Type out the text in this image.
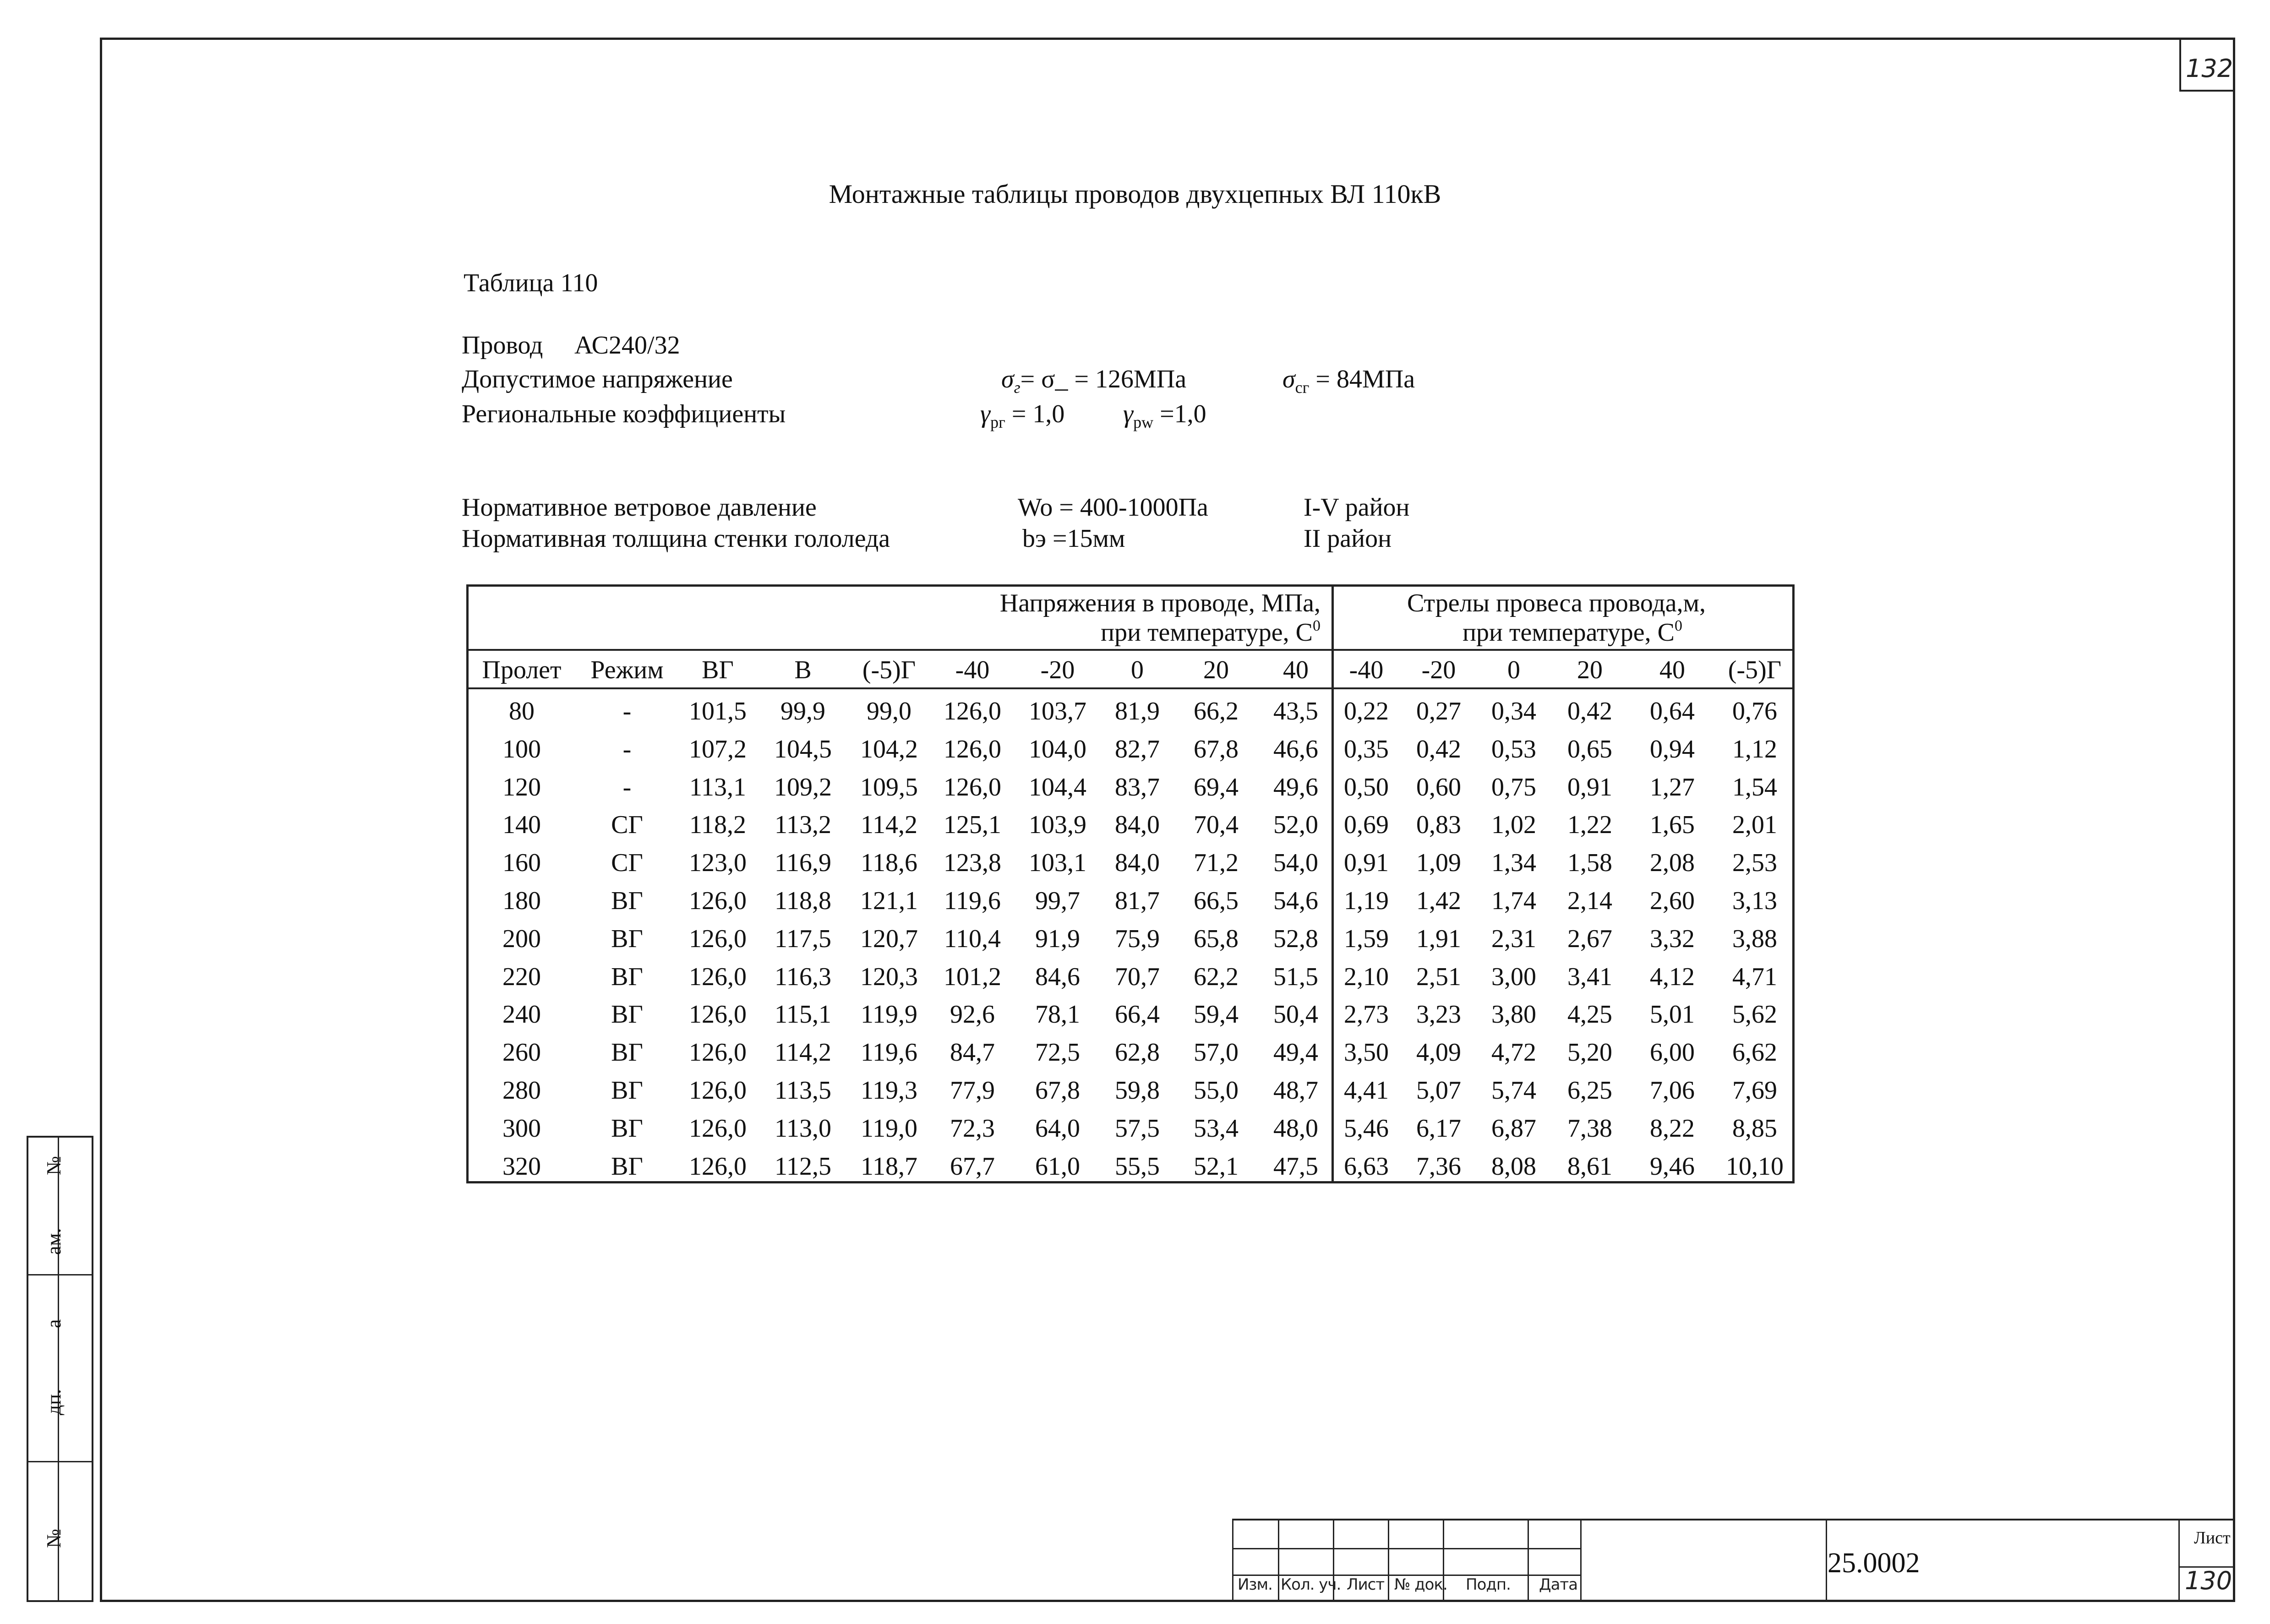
132
Монтажные таблицы проводов двухцепных ВЛ 110кВ
Таблица 110
Провод АС240/32
Допустимое напряжение	$\sigma_г=$ σ_ = 126МПа	$\sigma_{cг} = 84МПа$
Региональные коэффициенты	$\gamma_{pг} = 1,0$ $\gamma_{pw} =1,0$
Нормативное ветровое давление	Wo = 400-1000Па	I-V район
Нормативная толщина стенки гололеда	bэ =15мм	II район
Напряжения в проводе, МПа,
при температуре, $С^0$
Стрелы провеса провода,м,
при температуре, $С^0$
Пролет Режим	ВГ	В	(-5)Г	-40	-20	0	20	40	-40	-20	0	20	40	(-5)Г
80	-	101,5	99,9	99,0	126,0	103,7	81,9	66,2	43,5	0,22	0,27	0,34	0,42	0,64	0,76
100	-	107,2	104,5	104,2	126,0	104,0	82,7	67,8	46,6	0,35	0,42	0,53	0,65	0,94	1,12
120	-	113,1	109,2	109,5	126,0	104,4	83,7	69,4	49,6	0,50	0,60	0,75	0,91	1,27	1,54
140	СГ	118,2	113,2	114,2	125,1	103,9	84,0	70,4	52,0	0,69	0,83	1,02	1,22	1,65	2,01
160	СГ	123,0	116,9	118,6	123,8	103,1	84,0	71,2	54,0	0,91	1,09	1,34	1,58	2,08	2,53
180	ВГ	126,0	118,8	121,1	119,6	99,7	81,7	66,5	54,6	1,19	1,42	1,74	2,14	2,60	3,13
200	ВГ	126,0	117,5	120,7	110,4	91,9	75,9	65,8	52,8	1,59	1,91	2,31	2,67	3,32	3,88
220	ВГ	126,0	116,3	120,3	101,2	84,6	70,7	62,2	51,5	2,10	2,51	3,00	3,41	4,12	4,71
240	ВГ	126,0	115,1	119,9	92,6	78,1	66,4	59,4	50,4	2,73	3,23	3,80	4,25	5,01	5,62
260	ВГ	126,0	114,2	119,6	84,7	72,5	62,8	57,0	49,4	3,50	4,09	4,72	5,20	6,00	6,62
280	ВГ	126,0	113,5	119,3	77,9	67,8	59,8	55,0	48,7	4,41	5,07	5,74	6,25	7,06	7,69
300	ВГ	126,0	113,0	119,0	72,3	64,0	57,5	53,4	48,0	5,46	6,17	6,87	7,38	8,22	8,85
320	ВГ	126,0	112,5	118,7	67,7	61,0	55,5	52,1	47,5	6,63	7,36	8,08	8,61	9,46	10,10
Изм. Кол. уч. Лист № док. Подп. Дата
25.0002
Лист
130
№
ам.
а
дп.
№
